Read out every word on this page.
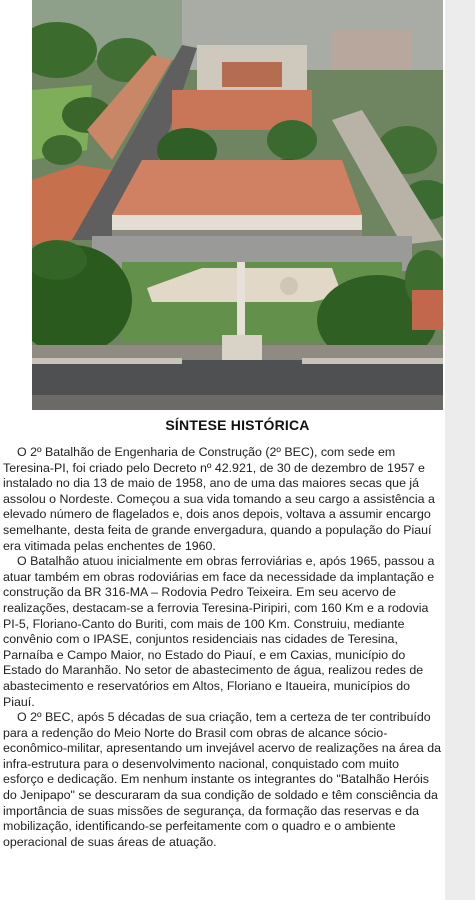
SÍNTESE HISTÓRICA

O 2º Batalhão de Engenharia de Construção (2º BEC), com sede em Teresina-PI, foi criado pelo Decreto nº 42.921, de 30 de dezembro de 1957 e instalado no dia 13 de maio de 1958, ano de uma das maiores secas que já assolou o Nordeste. Começou a sua vida tomando a seu cargo a assistência a elevado número de flagelados e, dois anos depois, voltava a assumir encargo semelhante, desta feita de grande envergadura, quando a população do Piauí era vitimada pelas enchentes de 1960.

O Batalhão atuou inicialmente em obras ferroviárias e, após 1965, passou a atuar também em obras rodoviárias em face da necessidade da implantação e construção da BR 316-MA – Rodovia Pedro Teixeira. Em seu acervo de realizações, destacam-se a ferrovia Teresina-Piripiri, com 160 Km e a rodovia PI-5, Floriano-Canto do Buriti, com mais de 100 Km. Construiu, mediante convênio com o IPASE, conjuntos residenciais nas cidades de Teresina, Parnaíba e Campo Maior, no Estado do Piauí, e em Caxias, município do Estado do Maranhão. No setor de abastecimento de água, realizou redes de abastecimento e reservatórios em Altos, Floriano e Itaueira, municípios do Piauí.

O 2º BEC, após 5 décadas de sua criação, tem a certeza de ter contribuído para a redenção do Meio Norte do Brasil com obras de alcance sócio-econômico-militar, apresentando um invejável acervo de realizações na área da infra-estrutura para o desenvolvimento nacional, conquistado com muito esforço e dedicação. Em nenhum instante os integrantes do "Batalhão Heróis do Jenipapo" se descuraram da sua condição de soldado e têm consciência da importância de suas missões de segurança, da formação das reservas e da mobilização, identificando-se perfeitamente com o quadro e o ambiente operacional de suas áreas de atuação.
